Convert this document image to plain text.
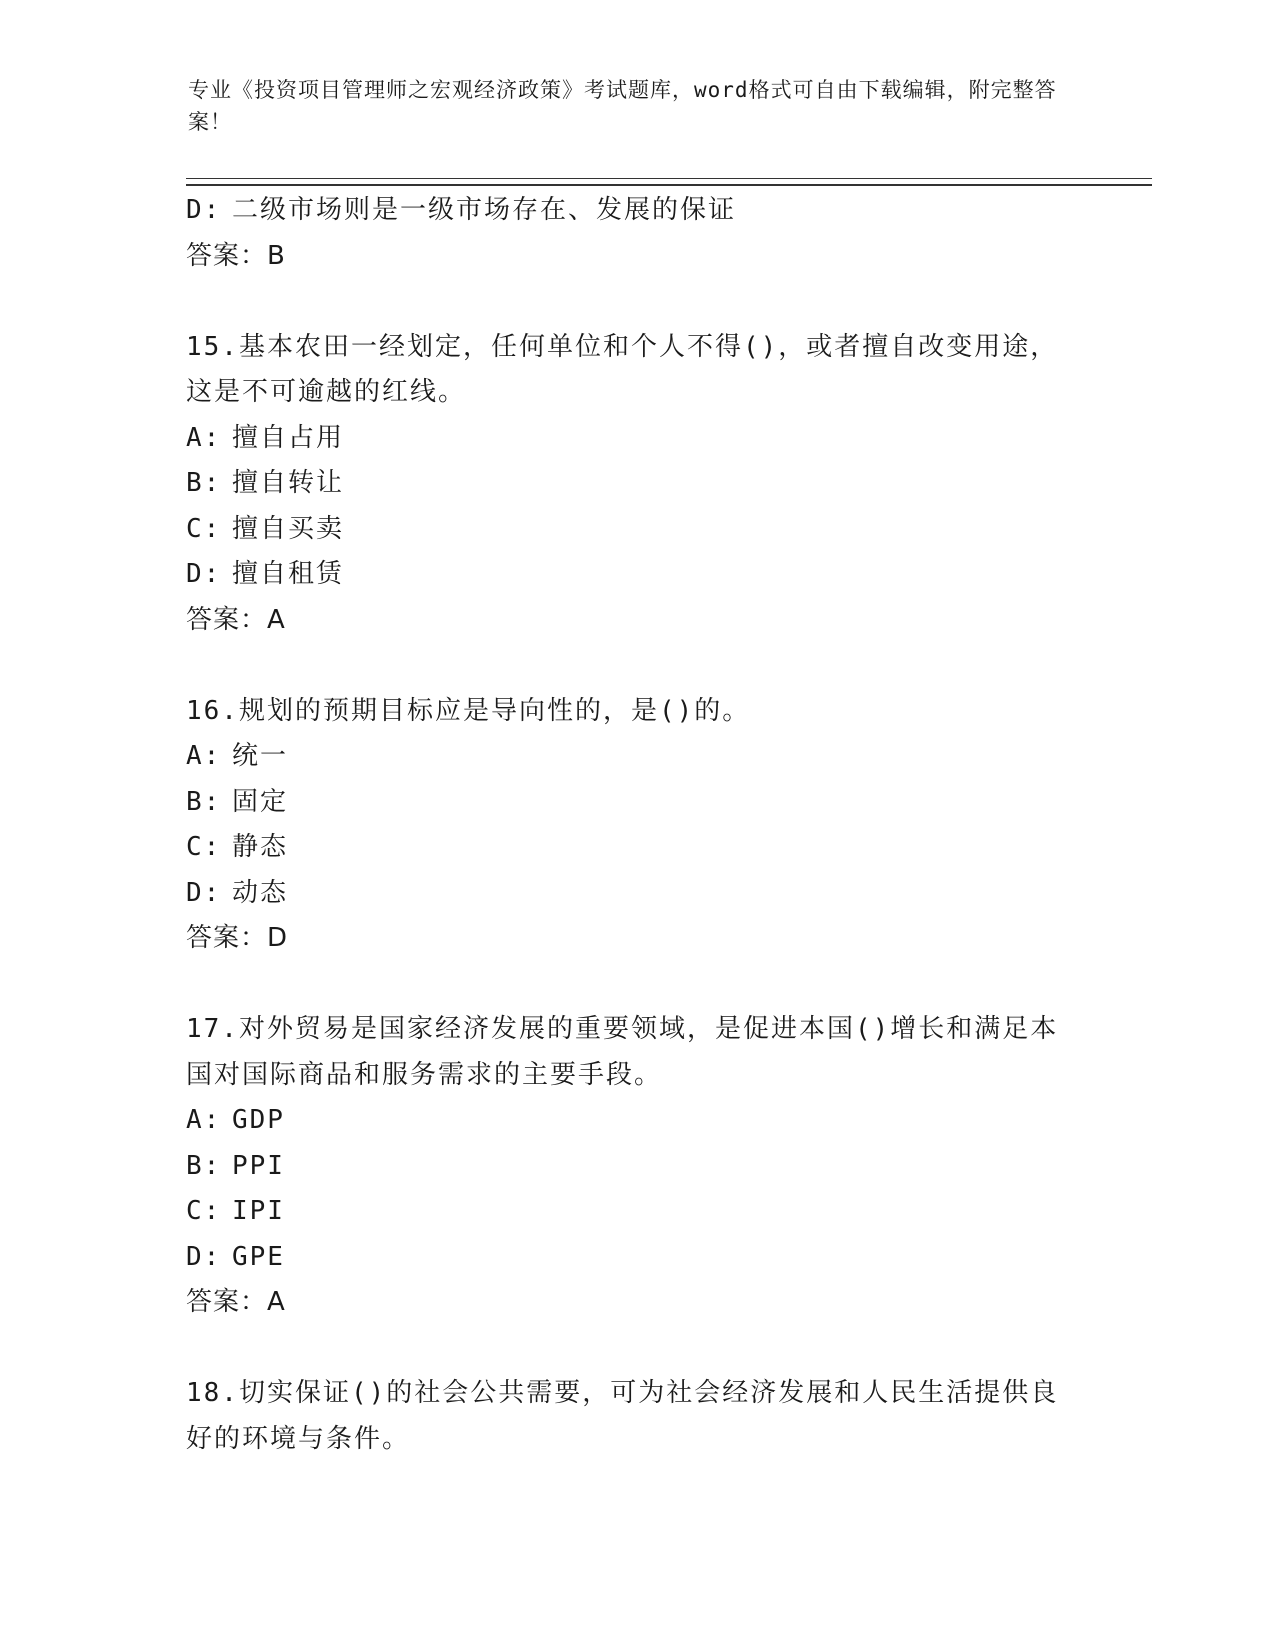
专业《投资项目管理师之宏观经济政策》考试题库，word格式可自由下载编辑，附完整答案！
D: 二级市场则是一级市场存在、发展的保证
答案：B
15.基本农田一经划定，任何单位和个人不得()，或者擅自改变用途，这是不可逾越的红线。
A: 擅自占用
B: 擅自转让
C: 擅自买卖
D: 擅自租赁
答案：A
16.规划的预期目标应是导向性的，是()的。
A: 统一
B: 固定
C: 静态
D: 动态
答案：D
17.对外贸易是国家经济发展的重要领域，是促进本国()增长和满足本国对国际商品和服务需求的主要手段。
A: GDP
B: PPI
C: IPI
D: GPE
答案：A
18.切实保证()的社会公共需要，可为社会经济发展和人民生活提供良好的环境与条件。
